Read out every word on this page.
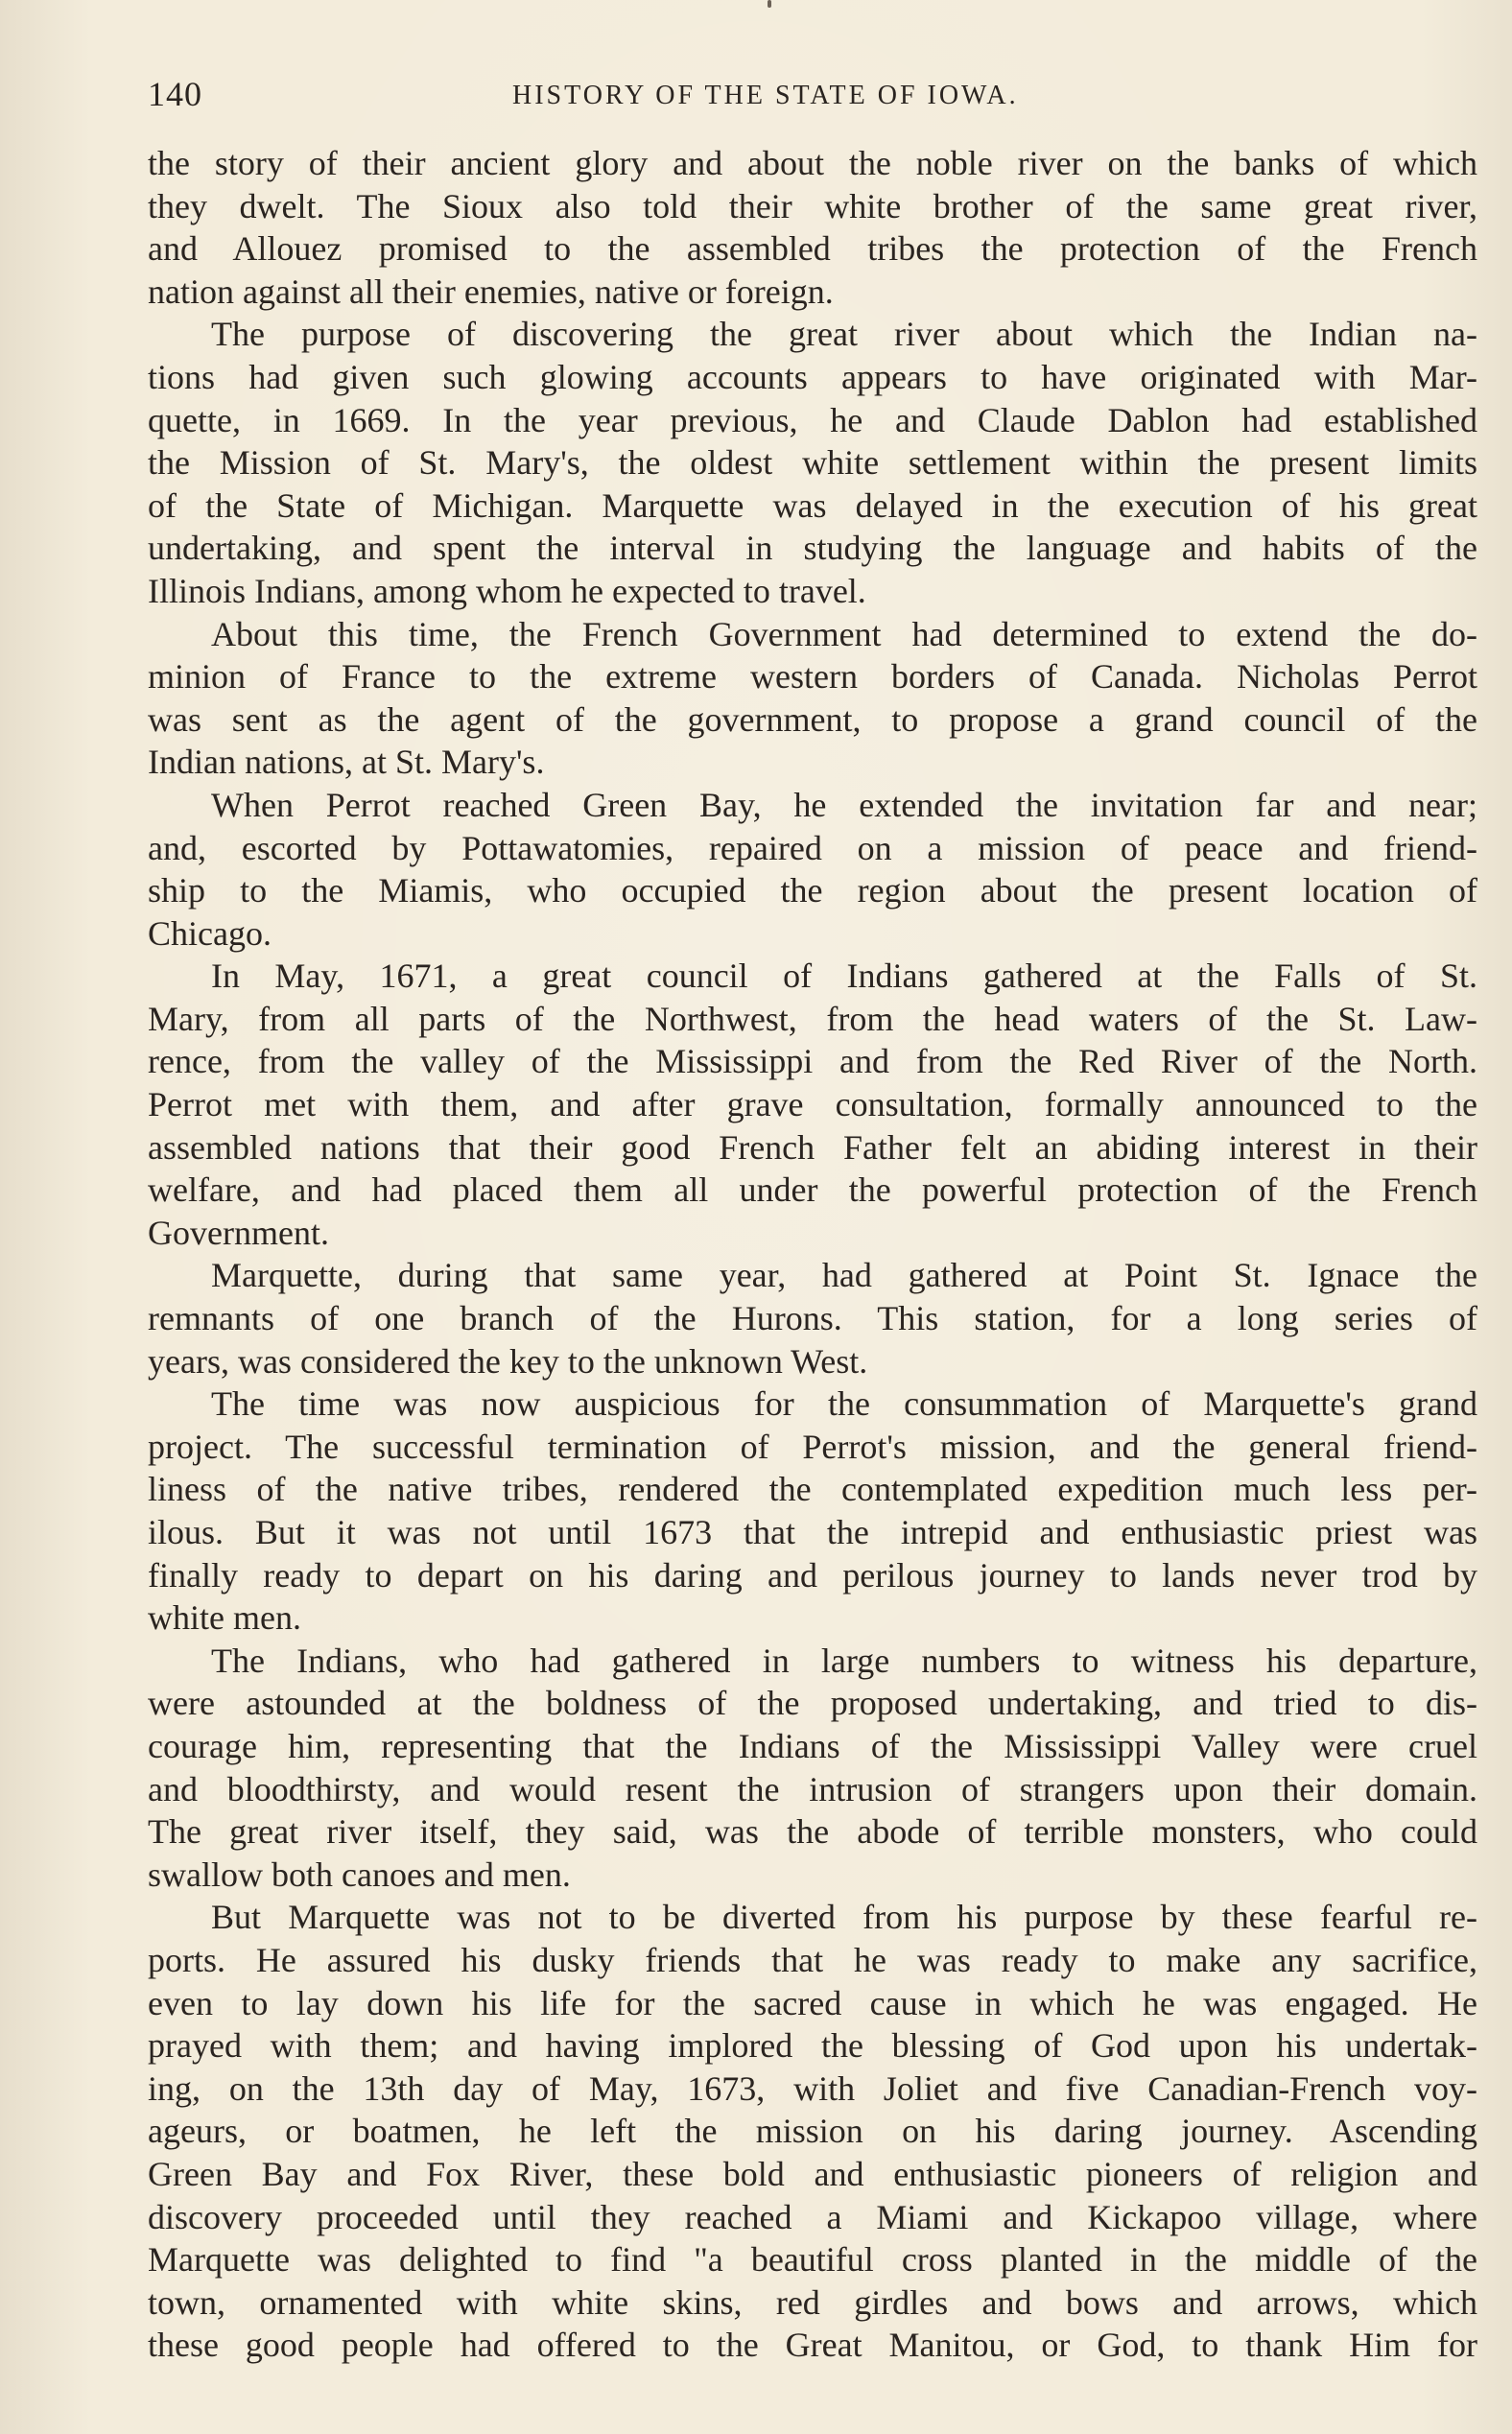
140	HISTORY OF THE STATE OF IOWA.
the story of their ancient glory and about the noble river on the banks of which
they dwelt. The Sioux also told their white brother of the same great river,
and Allouez promised to the assembled tribes the protection of the French
nation against all their enemies, native or foreign.
The purpose of discovering the great river about which the Indian na-
tions had given such glowing accounts appears to have originated with Mar-
quette, in 1669. In the year previous, he and Claude Dablon had established
the Mission of St. Mary's, the oldest white settlement within the present limits
of the State of Michigan. Marquette was delayed in the execution of his great
undertaking, and spent the interval in studying the language and habits of the
Illinois Indians, among whom he expected to travel.
About this time, the French Government had determined to extend the do-
minion of France to the extreme western borders of Canada. Nicholas Perrot
was sent as the agent of the government, to propose a grand council of the
Indian nations, at St. Mary's.
When Perrot reached Green Bay, he extended the invitation far and near;
and, escorted by Pottawatomies, repaired on a mission of peace and friend-
ship to the Miamis, who occupied the region about the present location of
Chicago.
In May, 1671, a great council of Indians gathered at the Falls of St.
Mary, from all parts of the Northwest, from the head waters of the St. Law-
rence, from the valley of the Mississippi and from the Red River of the North.
Perrot met with them, and after grave consultation, formally announced to the
assembled nations that their good French Father felt an abiding interest in their
welfare, and had placed them all under the powerful protection of the French
Government.
Marquette, during that same year, had gathered at Point St. Ignace the
remnants of one branch of the Hurons. This station, for a long series of
years, was considered the key to the unknown West.
The time was now auspicious for the consummation of Marquette's grand
project. The successful termination of Perrot's mission, and the general friend-
liness of the native tribes, rendered the contemplated expedition much less per-
ilous. But it was not until 1673 that the intrepid and enthusiastic priest was
finally ready to depart on his daring and perilous journey to lands never trod by
white men.
The Indians, who had gathered in large numbers to witness his departure,
were astounded at the boldness of the proposed undertaking, and tried to dis-
courage him, representing that the Indians of the Mississippi Valley were cruel
and bloodthirsty, and would resent the intrusion of strangers upon their domain.
The great river itself, they said, was the abode of terrible monsters, who could
swallow both canoes and men.
But Marquette was not to be diverted from his purpose by these fearful re-
ports. He assured his dusky friends that he was ready to make any sacrifice,
even to lay down his life for the sacred cause in which he was engaged. He
prayed with them; and having implored the blessing of God upon his undertak-
ing, on the 13th day of May, 1673, with Joliet and five Canadian-French voy-
ageurs, or boatmen, he left the mission on his daring journey. Ascending
Green Bay and Fox River, these bold and enthusiastic pioneers of religion and
discovery proceeded until they reached a Miami and Kickapoo village, where
Marquette was delighted to find "a beautiful cross planted in the middle of the
town, ornamented with white skins, red girdles and bows and arrows, which
these good people had offered to the Great Manitou, or God, to thank Him for
